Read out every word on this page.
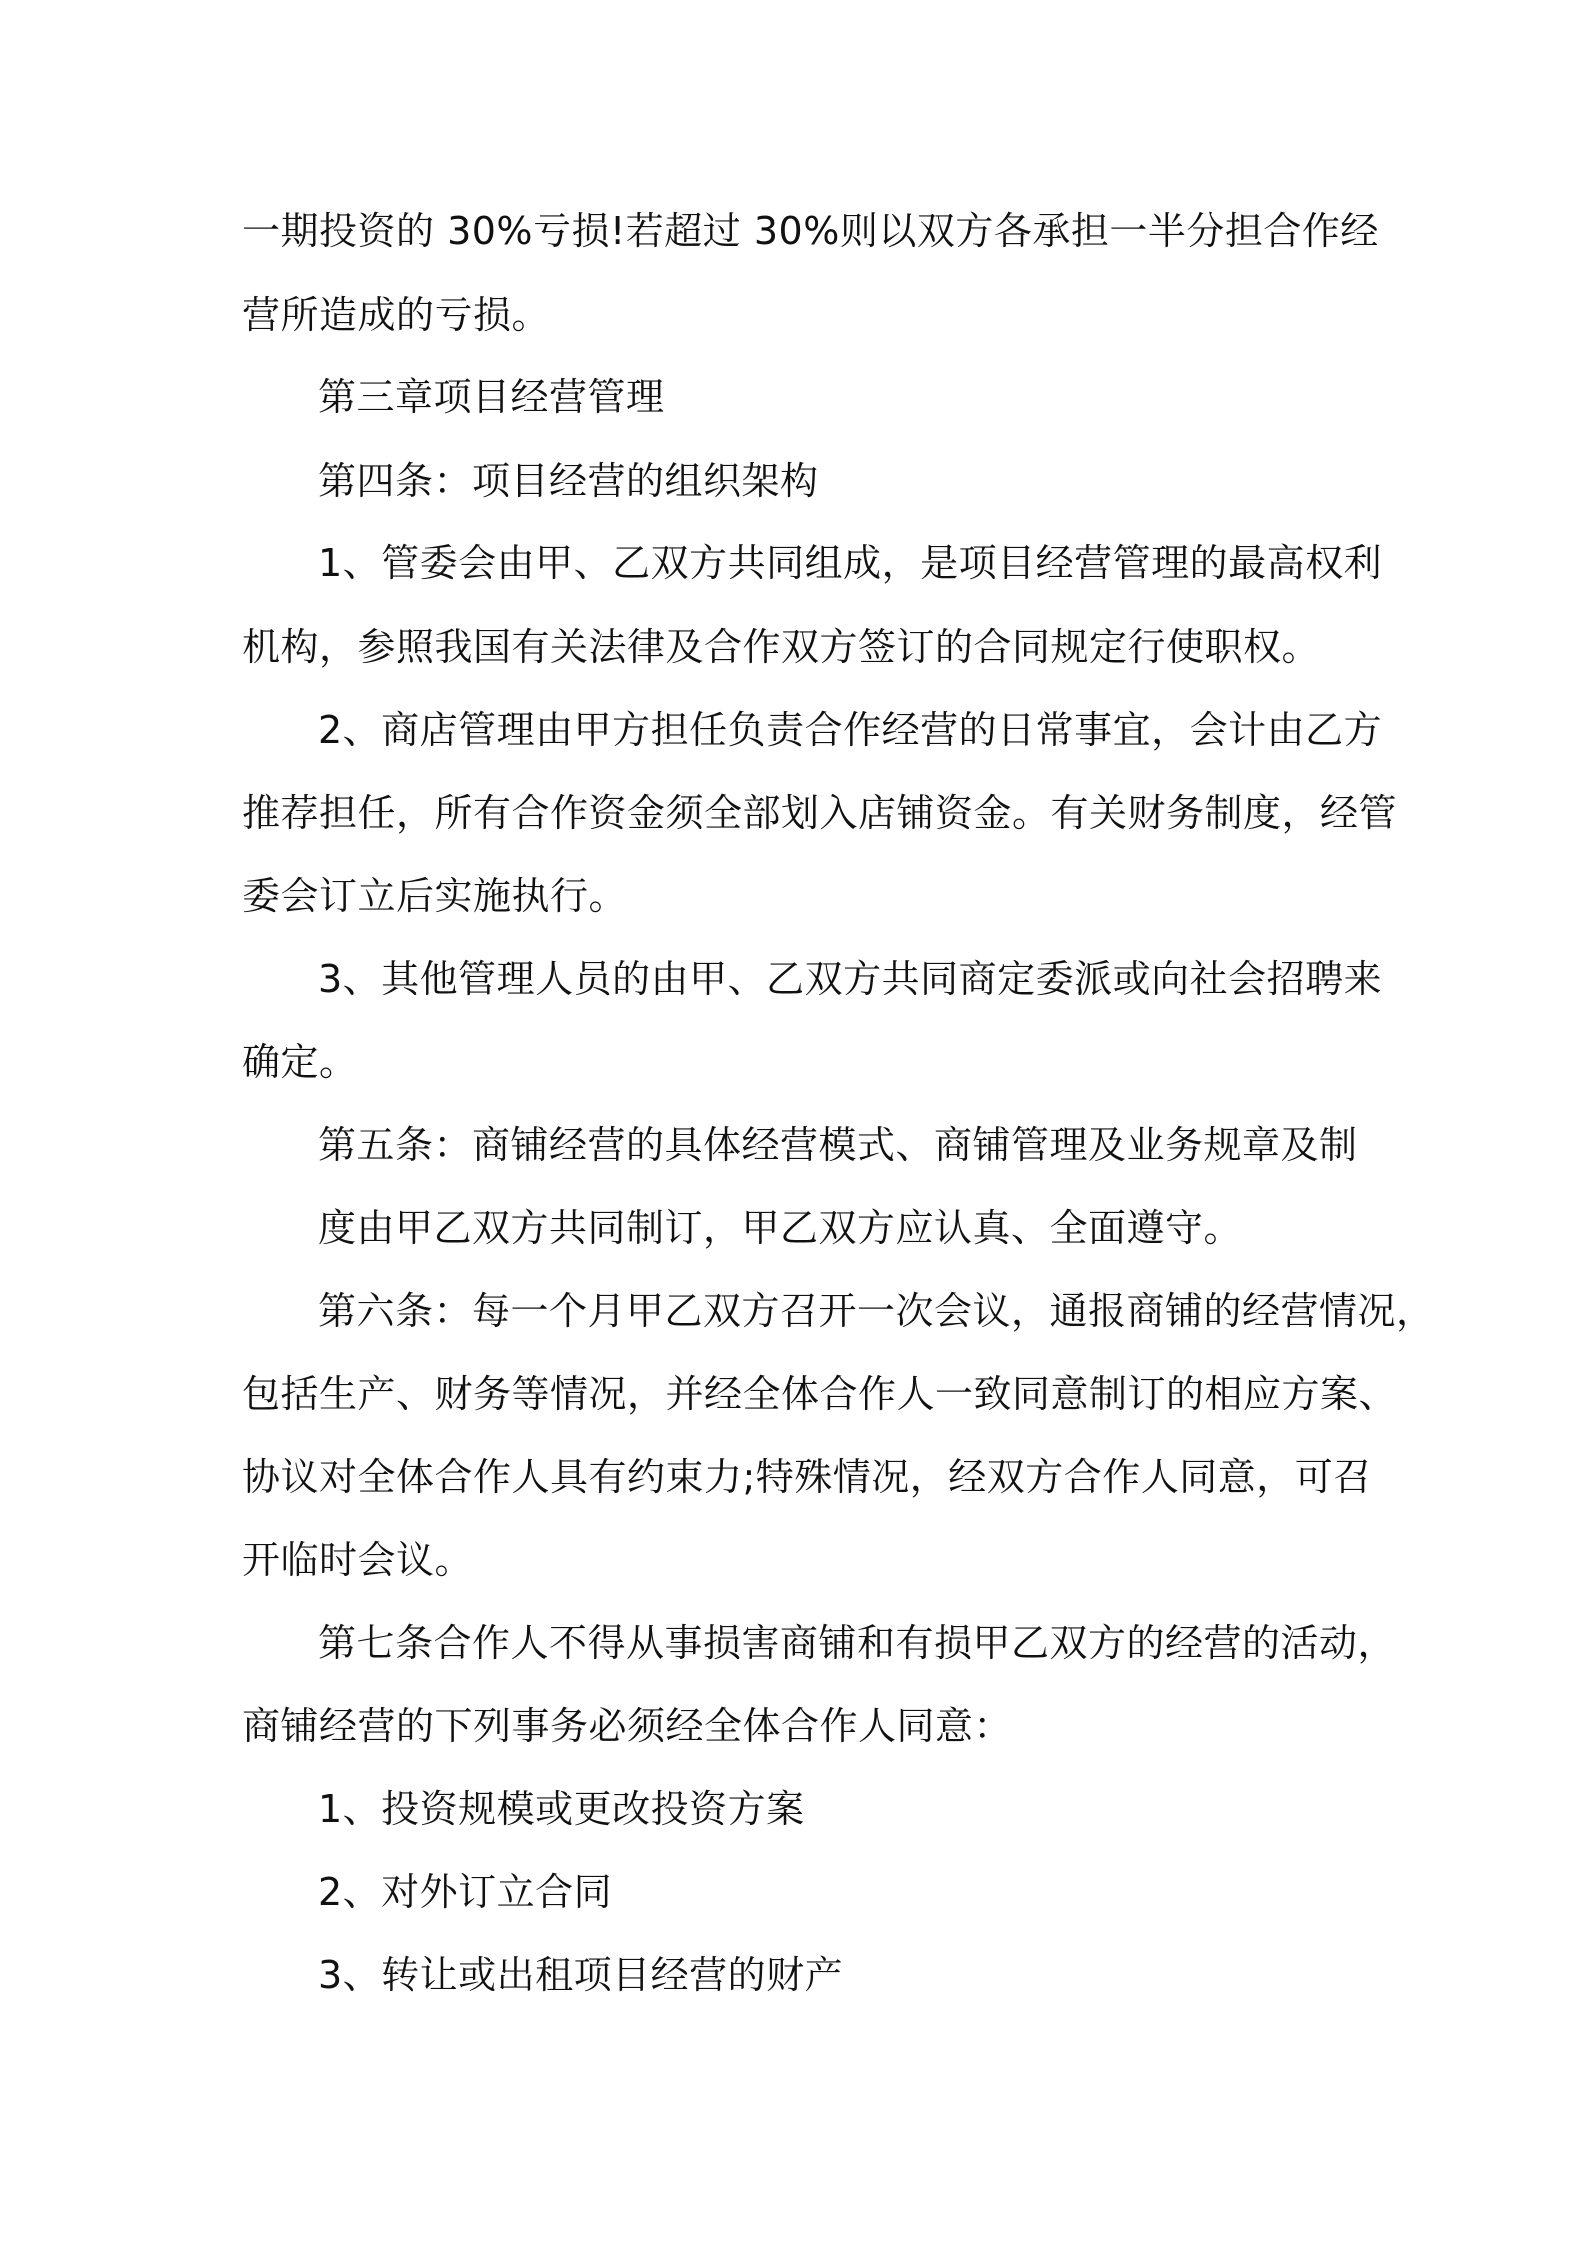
一期投资的 30%亏损!若超过 30%则以双方各承担一半分担合作经
营所造成的亏损。
第三章项目经营管理
第四条：项目经营的组织架构
1、管委会由甲、乙双方共同组成，是项目经营管理的最高权利
机构，参照我国有关法律及合作双方签订的合同规定行使职权。
2、商店管理由甲方担任负责合作经营的日常事宜，会计由乙方
推荐担任，所有合作资金须全部划入店铺资金。有关财务制度，经管
委会订立后实施执行。
3、其他管理人员的由甲、乙双方共同商定委派或向社会招聘来
确定。
第五条：商铺经营的具体经营模式、商铺管理及业务规章及制
度由甲乙双方共同制订，甲乙双方应认真、全面遵守。
第六条：每一个月甲乙双方召开一次会议，通报商铺的经营情况，
包括生产、财务等情况，并经全体合作人一致同意制订的相应方案、
协议对全体合作人具有约束力;特殊情况，经双方合作人同意，可召
开临时会议。
第七条合作人不得从事损害商铺和有损甲乙双方的经营的活动，
商铺经营的下列事务必须经全体合作人同意：
1、投资规模或更改投资方案
2、对外订立合同
3、转让或出租项目经营的财产
